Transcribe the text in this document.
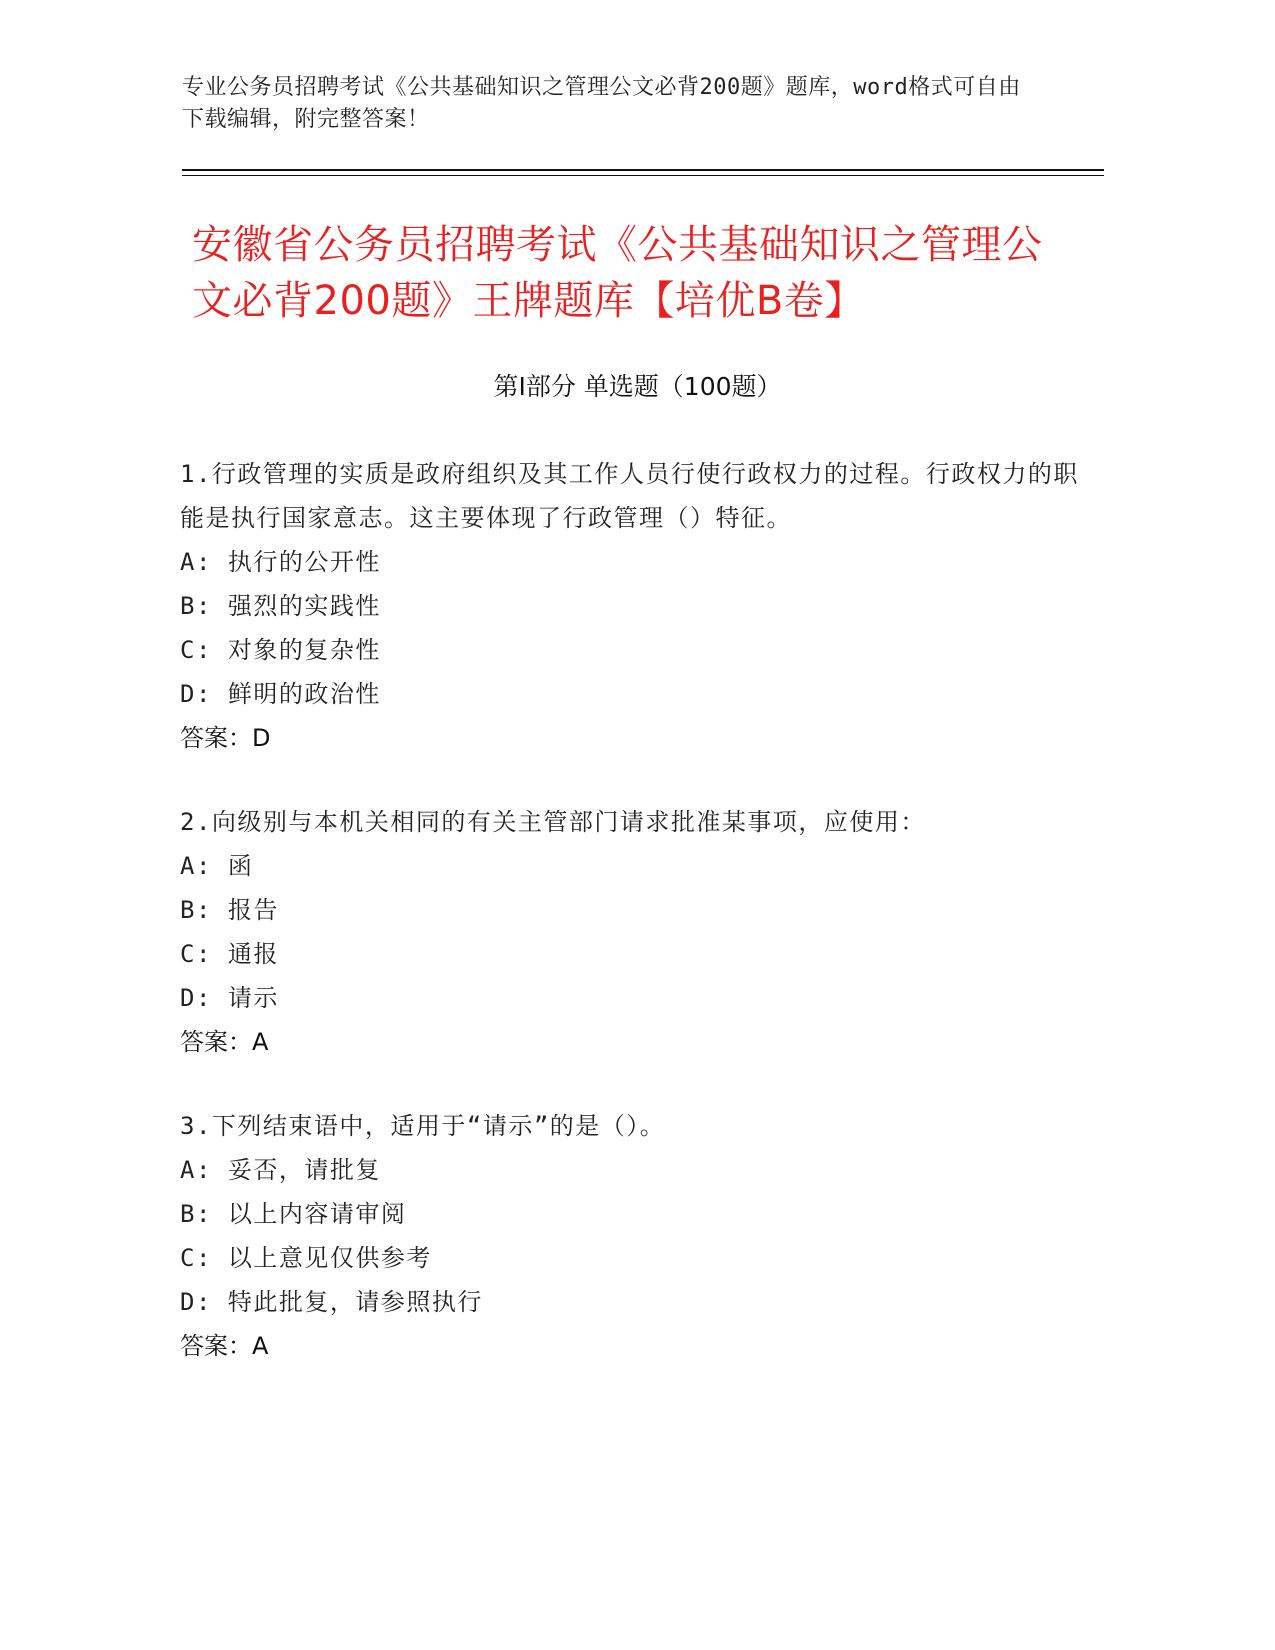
专业公务员招聘考试《公共基础知识之管理公文必背200题》题库，word格式可自由下载编辑，附完整答案！
安徽省公务员招聘考试《公共基础知识之管理公文必背200题》王牌题库【培优B卷】
第I部分 单选题（100题）

1.行政管理的实质是政府组织及其工作人员行使行政权力的过程。行政权力的职能是执行国家意志。这主要体现了行政管理（）特征。

A: 执行的公开性

B: 强烈的实践性

C: 对象的复杂性

D: 鲜明的政治性

答案：D

2.向级别与本机关相同的有关主管部门请求批准某事项，应使用：

A: 函

B: 报告

C: 通报

D: 请示

答案：A

3.下列结束语中，适用于“请示”的是（）。

A: 妥否，请批复

B: 以上内容请审阅

C: 以上意见仅供参考

D: 特此批复，请参照执行

答案：A
